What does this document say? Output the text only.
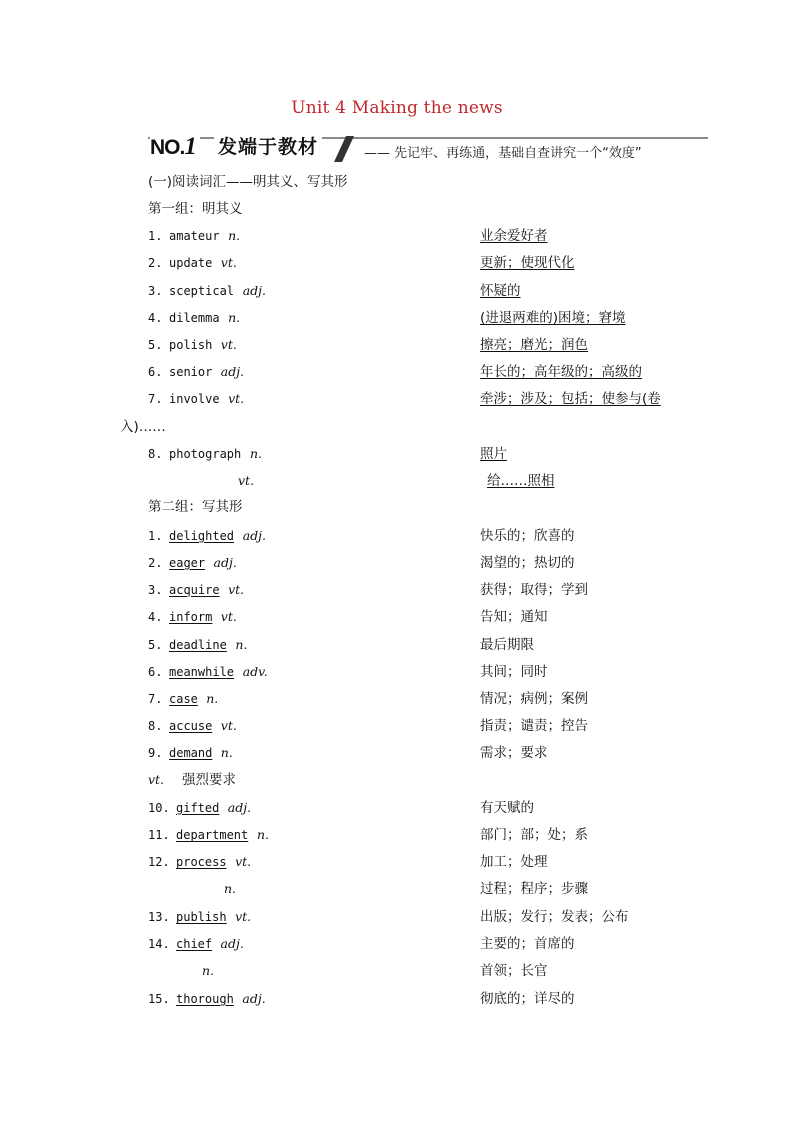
Unit 4 Making the news
NO.1 发端于教材	—— 先记牢、再练通，基础自查讲究一个“效度”
(一)阅读词汇——明其义、写其形
第一组：明其义
1. amateur n.	业余爱好者
2. update vt.	更新；使现代化
3. sceptical adj.	怀疑的
4. dilemma n.	(进退两难的)困境；窘境
5. polish vt.	擦亮；磨光；润色
6. senior adj.	年长的；高年级的；高级的
7. involve vt.	牵涉；涉及；包括；使参与(卷
入)……
8. photograph n.	照片
vt.	给……照相
第二组：写其形
1. delighted adj.	快乐的；欣喜的
2. eager adj.	渴望的；热切的
3. acquire vt.	获得；取得；学到
4. inform vt.	告知；通知
5. deadline n.	最后期限
6. meanwhile adv.	其间；同时
7. case n.	情况；病例；案例
8. accuse vt.	指责；谴责；控告
9. demand n.	需求；要求
vt. 强烈要求
10. gifted adj.	有天赋的
11. department n.	部门；部；处；系
12. process vt.	加工；处理
n.	过程；程序；步骤
13. publish vt.	出版；发行；发表；公布
14. chief adj.	主要的；首席的
n.	首领；长官
15. thorough adj.	彻底的；详尽的
